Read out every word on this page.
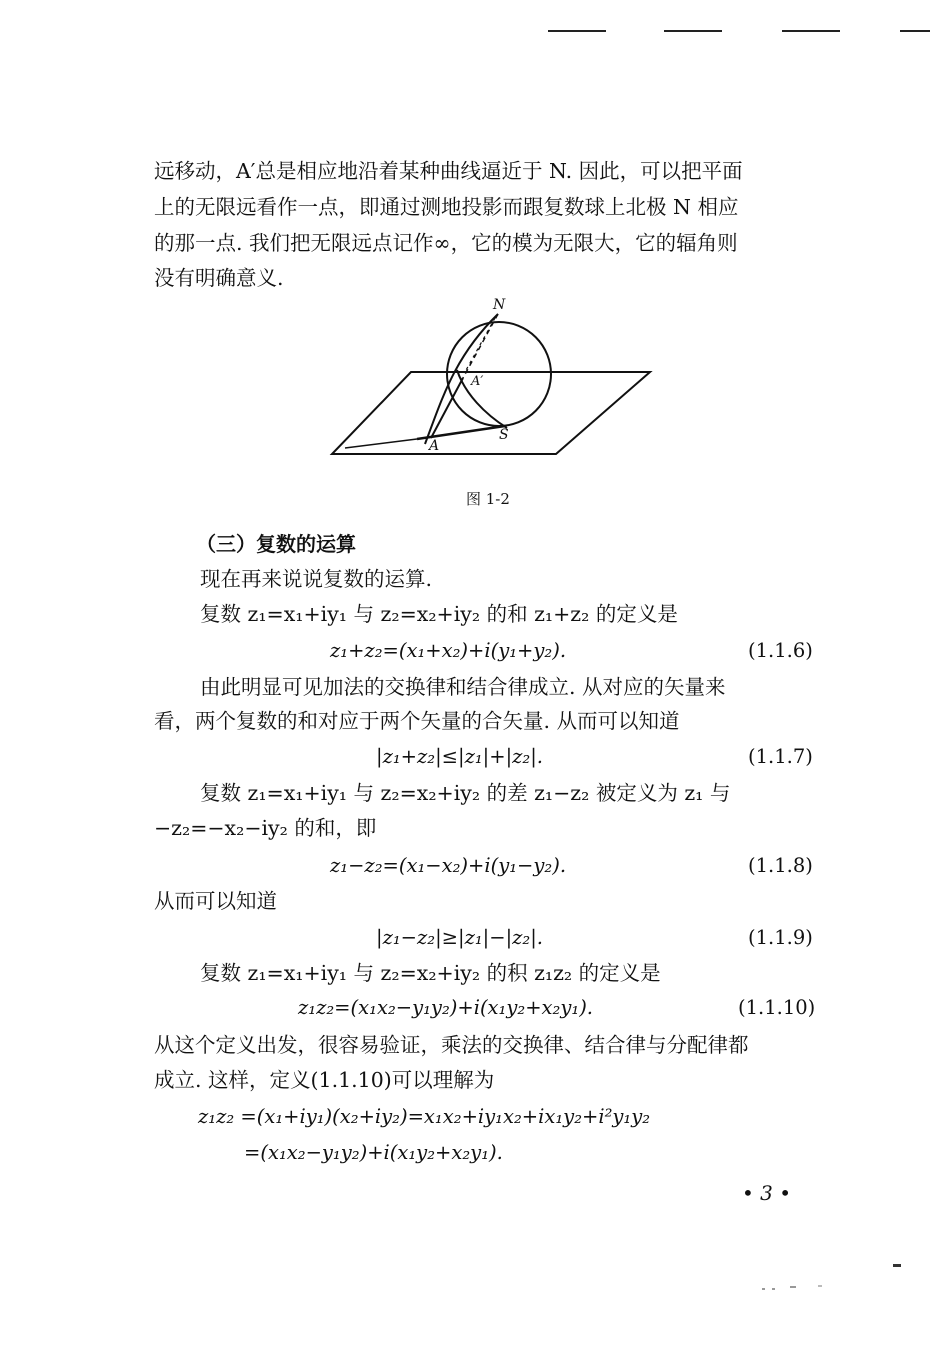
远移动，A′总是相应地沿着某种曲线逼近于 N. 因此，可以把平面
上的无限远看作一点，即通过测地投影而跟复数球上北极 N 相应
的那一点. 我们把无限远点记作∞，它的模为无限大，它的辐角则
没有明确意义.
N
A′
S
A
图 1-2
（三）复数的运算
现在再来说说复数的运算.
复数 z₁=x₁+iy₁ 与 z₂=x₂+iy₂ 的和 z₁+z₂ 的定义是
z₁+z₂=(x₁+x₂)+i(y₁+y₂).	(1.1.6)
由此明显可见加法的交换律和结合律成立. 从对应的矢量来
看，两个复数的和对应于两个矢量的合矢量. 从而可以知道
|z₁+z₂|≤|z₁|+|z₂|.	(1.1.7)
复数 z₁=x₁+iy₁ 与 z₂=x₂+iy₂ 的差 z₁−z₂ 被定义为 z₁ 与
−z₂=−x₂−iy₂ 的和，即
z₁−z₂=(x₁−x₂)+i(y₁−y₂).	(1.1.8)
从而可以知道
|z₁−z₂|≥|z₁|−|z₂|.	(1.1.9)
复数 z₁=x₁+iy₁ 与 z₂=x₂+iy₂ 的积 z₁z₂ 的定义是
z₁z₂=(x₁x₂−y₁y₂)+i(x₁y₂+x₂y₁).	(1.1.10)
从这个定义出发，很容易验证，乘法的交换律、结合律与分配律都
成立. 这样，定义(1.1.10)可以理解为
z₁z₂ =(x₁+iy₁)(x₂+iy₂)=x₁x₂+iy₁x₂+ix₁y₂+i²y₁y₂
=(x₁x₂−y₁y₂)+i(x₁y₂+x₂y₁).
• 3 •
